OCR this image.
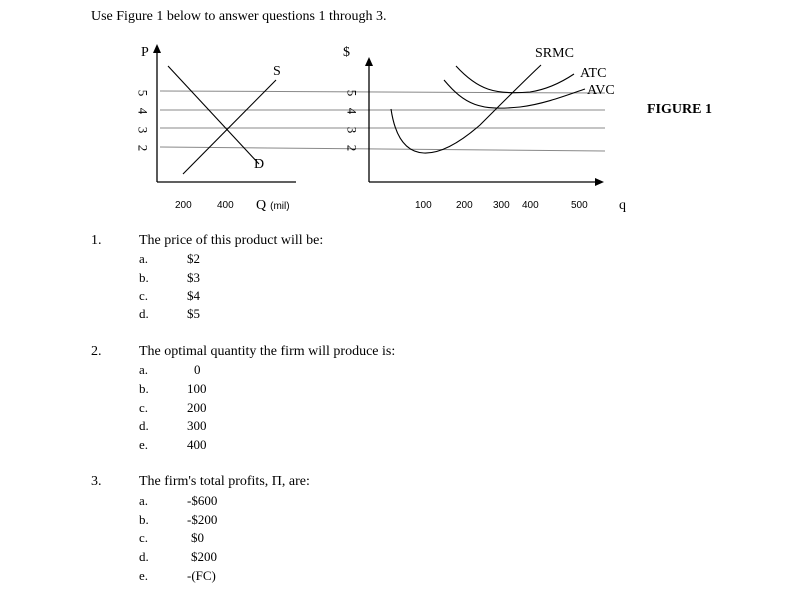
Use Figure 1 below to answer questions 1 through 3.
P
5
4
3
2
S
D
200	400 Q (mil)
$
5
4
3
2
SRMC
ATC
AVC
100 200 300 400	500 q
FIGURE 1
1.	The price of this product will be:
a.	$2
b.	$3
c.	$4
d.	$5
2.	The optimal quantity the firm will produce is:
a.	0
b.	100
c.	200
d.	300
e.	400
3.	The firm's total profits, Π, are:
a.	-$600
b.	-$200
c.	$0
d.	$200
e.	-(FC)
